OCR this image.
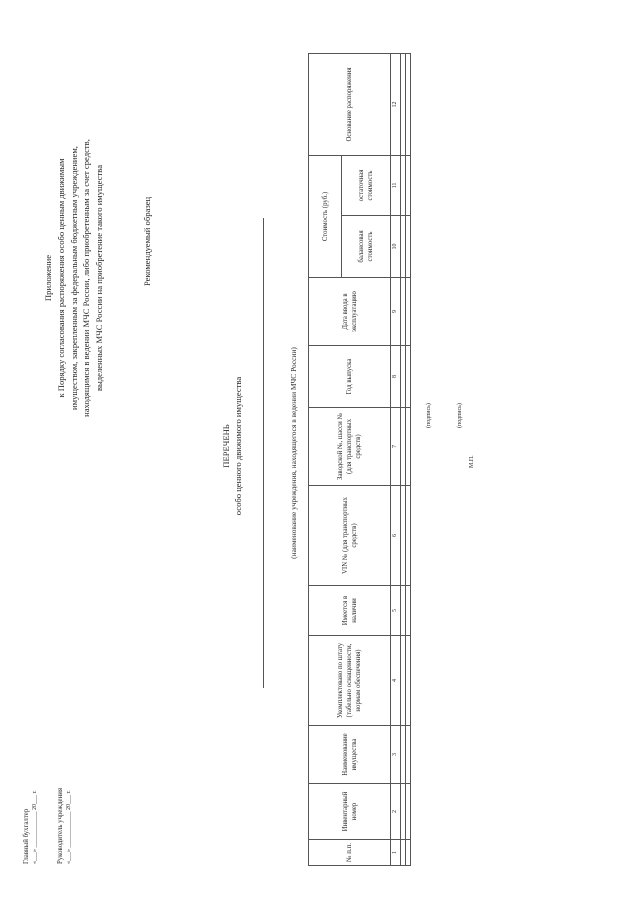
Приложение к Порядку согласования распоряжения особо ценным движимым имуществом, закрепленным за федеральным бюджетным учреждением, находящимся в ведении МЧС России, либо приобретенным за счет средств, выделенных МЧС России на приобретение такого имущества	Рекомендуемый образец
ПЕРЕЧЕНЬ особо ценного движимого имущества	(наименование учреждения, находящегося в ведении МЧС России)
№ п.п.	Инвентарный номер	Наименование имущества	Укомплектовано по штату (табельно оснащенности, нормам обеспечения)	Имеется в наличии	VIN № (для транспортных средств)	Заводской №, шасси № (для транспортных средств)	Год выпуска	Дата ввода в эксплуатацию	Стоимость (руб.)		Основание распоряжения
									балансовая стоимость	остаточная стоимость	
1	2	3	4	5	6	7	8	9	10	11	12

Главный бухгалтер «___» ____________ 20___ г.	Руководитель учреждения «___» ____________ 20___ г.
(подпись)	(подпись)
М.П.
